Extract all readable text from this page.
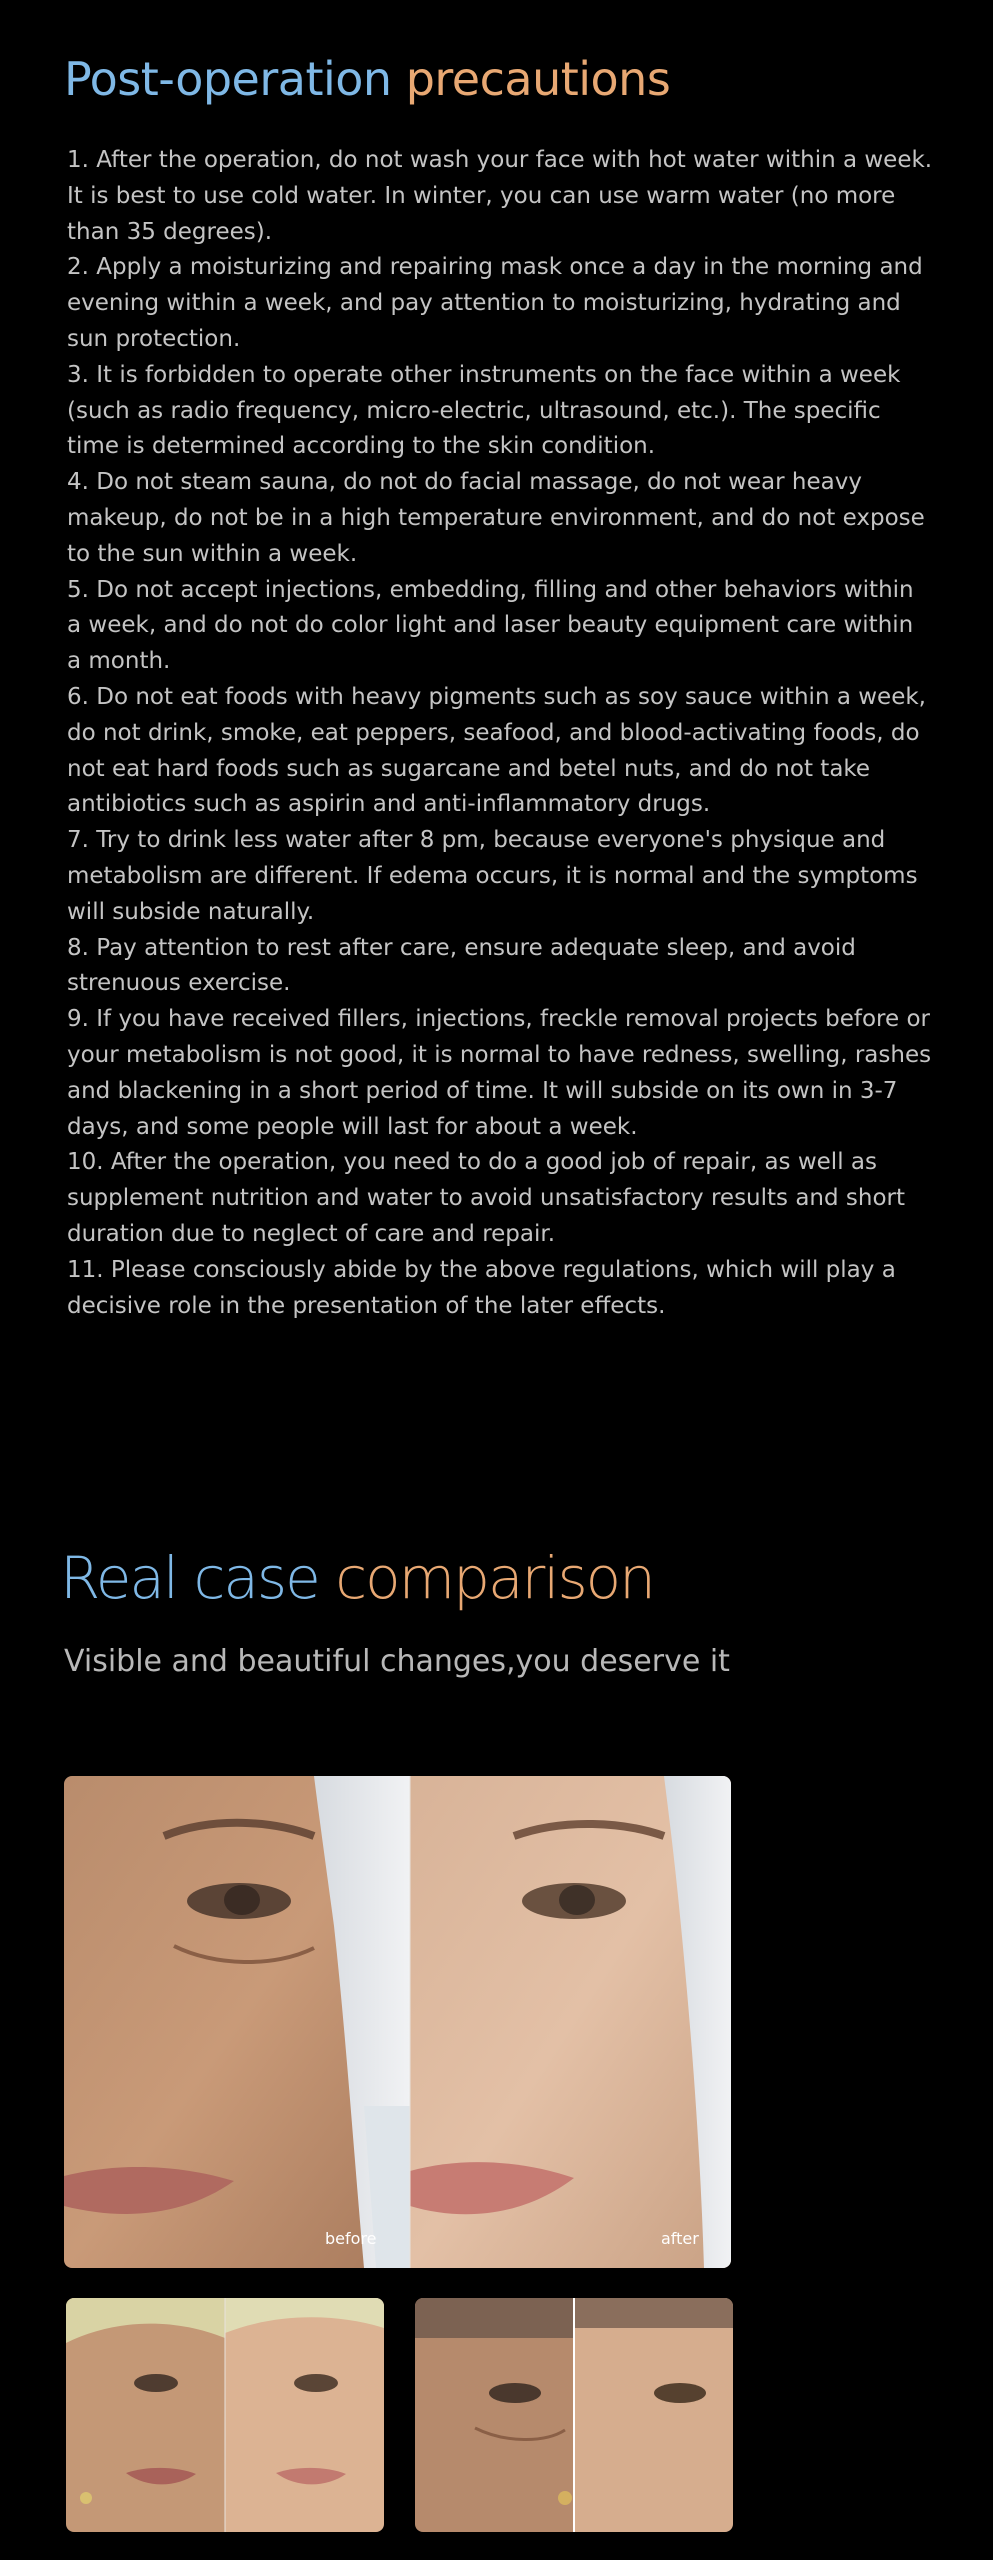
Post-operation precautions
1. After the operation, do not wash your face with hot water within a week. It is best to use cold water. In winter, you can use warm water (no more than 35 degrees).
2. Apply a moisturizing and repairing mask once a day in the morning and evening within a week, and pay attention to moisturizing, hydrating and sun protection.
3. It is forbidden to operate other instruments on the face within a week (such as radio frequency, micro-electric, ultrasound, etc.). The specific time is determined according to the skin condition.
4. Do not steam sauna, do not do facial massage, do not wear heavy makeup, do not be in a high temperature environment, and do not expose to the sun within a week.
5. Do not accept injections, embedding, filling and other behaviors within a week, and do not do color light and laser beauty equipment care within a month.
6. Do not eat foods with heavy pigments such as soy sauce within a week, do not drink, smoke, eat peppers, seafood, and blood-activating foods, do not eat hard foods such as sugarcane and betel nuts, and do not take antibiotics such as aspirin and anti-inflammatory drugs.
7. Try to drink less water after 8 pm, because everyone's physique and metabolism are different. If edema occurs, it is normal and the symptoms will subside naturally.
8. Pay attention to rest after care, ensure adequate sleep, and avoid strenuous exercise.
9. If you have received fillers, injections, freckle removal projects before or your metabolism is not good, it is normal to have redness, swelling, rashes and blackening in a short period of time. It will subside on its own in 3-7 days, and some people will last for about a week.
10. After the operation, you need to do a good job of repair, as well as supplement nutrition and water to avoid unsatisfactory results and short duration due to neglect of care and repair.
11. Please consciously abide by the above regulations, which will play a decisive role in the presentation of the later effects.
Real case comparison

Visible and beautiful changes,you deserve it

before	after
